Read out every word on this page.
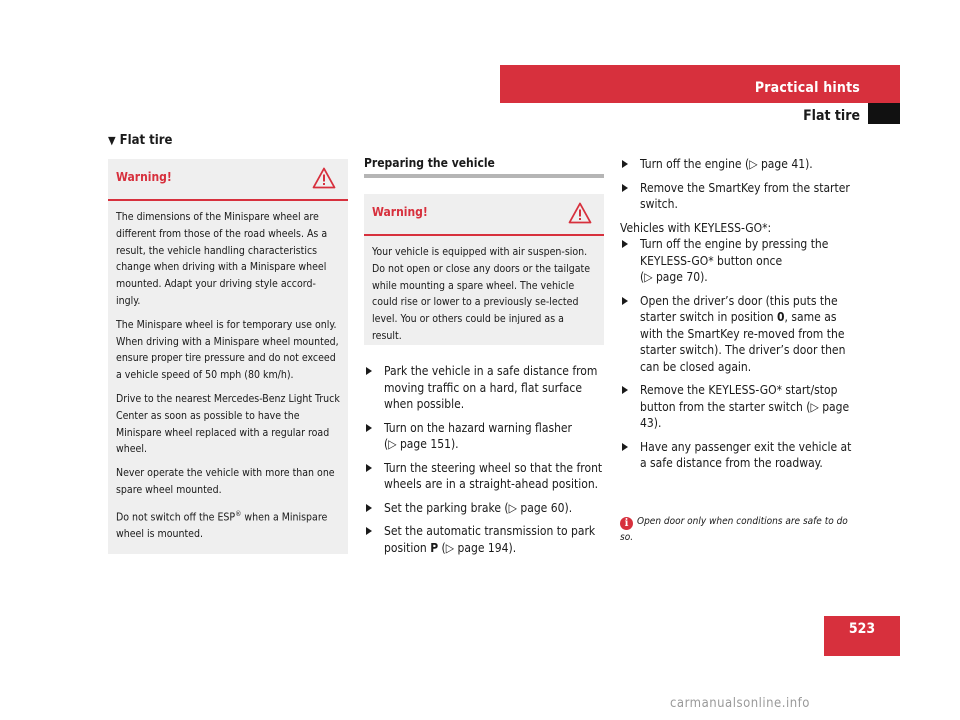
Practical hints
Flat tire
▼ Flat tire
Warning!

The dimensions of the Minispare wheel are different from those of the road wheels. As a result, the vehicle handling characteristics change when driving with a Minispare wheel mounted. Adapt your driving style accord-ingly.

The Minispare wheel is for temporary use only. When driving with a Minispare wheel mounted, ensure proper tire pressure and do not exceed a vehicle speed of 50 mph (80 km/h).

Drive to the nearest Mercedes-Benz Light Truck Center as soon as possible to have the Minispare wheel replaced with a regular road wheel.

Never operate the vehicle with more than one spare wheel mounted.

Do not switch off the ESP® when a Minispare wheel is mounted.

Preparing the vehicle
Warning!

Your vehicle is equipped with air suspen-sion. Do not open or close any doors or the tailgate while mounting a spare wheel. The vehicle could rise or lower to a previously se-lected level. You or others could be injured as a result.

Park the vehicle in a safe distance from moving traffic on a hard, flat surface when possible.
Turn on the hazard warning flasher
(▷ page 151).
Turn the steering wheel so that the front wheels are in a straight-ahead position.
Set the parking brake (▷ page 60).
Set the automatic transmission to park position P (▷ page 194).
Turn off the engine (▷ page 41).
Remove the SmartKey from the starter switch.
Vehicles with KEYLESS-GO*:
Turn off the engine by pressing the KEYLESS-GO* button once
(▷ page 70).
Open the driver’s door (this puts the starter switch in position 0, same as with the SmartKey re-moved from the starter switch). The driver’s door then can be closed again.
Remove the KEYLESS-GO* start/stop button from the starter switch (▷ page 43).
Have any passenger exit the vehicle at a safe distance from the roadway.
i Open door only when conditions are safe to do so.
523
carmanualsonline.info
